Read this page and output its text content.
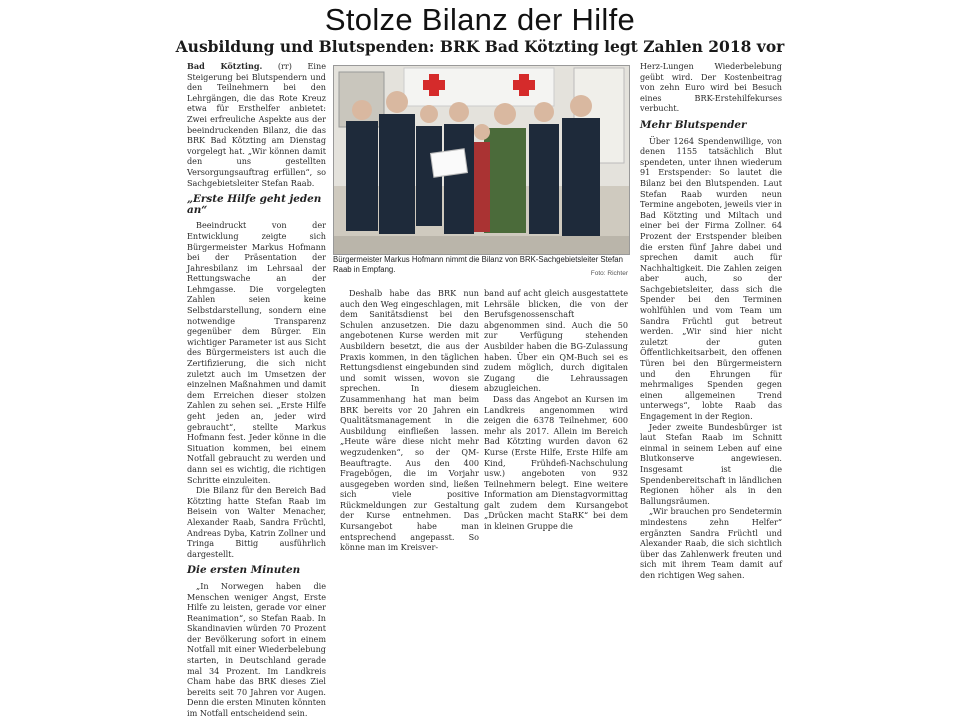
Stolze Bilanz der Hilfe
Ausbildung und Blutspenden: BRK Bad Kötzting legt Zahlen 2018 vor

Bad Kötzting. (rr) Eine Steigerung bei Blutspendern und den Teilnehmern bei den Lehrgängen, die das Rote Kreuz etwa für Ersthelfer anbietet: Zwei erfreuliche Aspekte aus der beeindruckenden Bilanz, die das BRK Bad Kötzting am Dienstag vorgelegt hat. „Wir können damit den uns gestellten Versorgungsauftrag erfüllen“, so Sachgebietsleiter Stefan Raab.

„Erste Hilfe geht jeden an“

Beeindruckt von der Entwicklung zeigte sich Bürgermeister Markus Hofmann bei der Präsentation der Jahresbilanz im Lehrsaal der Rettungswache an der Lehmgasse. Die vorgelegten Zahlen seien keine Selbstdarstellung, sondern eine notwendige Transparenz gegenüber dem Bürger. Ein wichtiger Parameter ist aus Sicht des Bürgermeisters ist auch die Zertifizierung, die sich nicht zuletzt auch im Umsetzen der einzelnen Maßnahmen und damit dem Erreichen dieser stolzen Zahlen zu sehen sei. „Erste Hilfe geht jeden an, jeder wird gebraucht“, stellte Markus Hofmann fest. Jeder könne in die Situation kommen, bei einem Notfall gebraucht zu werden und dann sei es wichtig, die richtigen Schritte einzuleiten.

Die Bilanz für den Bereich Bad Kötzting hatte Stefan Raab im Beisein von Walter Menacher, Alexander Raab, Sandra Früchtl, Andreas Dyba, Katrin Zollner und Tringa Bittig ausführlich dargestellt.

Die ersten Minuten

„In Norwegen haben die Menschen weniger Angst, Erste Hilfe zu leisten, gerade vor einer Reanimation“, so Stefan Raab. In Skandinavien würden 70 Prozent der Bevölkerung sofort in einem Notfall mit einer Wiederbelebung starten, in Deutschland gerade mal 34 Prozent. Im Landkreis Cham habe das BRK dieses Ziel bereits seit 70 Jahren vor Augen. Denn die ersten Minuten könnten im Notfall entscheidend sein.

Bürgermeister Markus Hofmann nimmt die Bilanz von BRK-Sachgebietsleiter Stefan Raab in Empfang.	Foto: Richter

Deshalb habe das BRK nun auch den Weg eingeschlagen, mit dem Sanitätsdienst bei den Schulen anzusetzen. Die dazu angebotenen Kurse werden mit Ausbildern besetzt, die aus der Praxis kommen, in den täglichen Rettungsdienst eingebunden sind und somit wissen, wovon sie sprechen. In diesem Zusammenhang hat man beim BRK bereits vor 20 Jahren ein Qualitätsmanagement in die Ausbildung einfließen lassen. „Heute wäre diese nicht mehr wegzudenken“, so der QM-Beauftragte. Aus den 400 Fragebögen, die im Vorjahr ausgegeben worden sind, ließen sich viele positive Rückmeldungen zur Gestaltung der Kurse entnehmen. Das Kursangebot habe man entsprechend angepasst. So könne man im Kreisver-

band auf acht gleich ausgestattete Lehrsäle blicken, die von der Berufsgenossenschaft abgenommen sind. Auch die 50 zur Verfügung stehenden Ausbilder haben die BG-Zulassung haben. Über ein QM-Buch sei es zudem möglich, durch digitalen Zugang die Lehraussagen abzugleichen.

Dass das Angebot an Kursen im Landkreis angenommen wird zeigen die 6378 Teilnehmer, 600 mehr als 2017. Allein im Bereich Bad Kötzting wurden davon 62 Kurse (Erste Hilfe, Erste Hilfe am Kind, Frühdefi-Nachschulung usw.) angeboten von 932 Teilnehmern belegt. Eine weitere Information am Dienstagvormittag galt zudem dem Kursangebot „Drücken macht StaRK“ bei dem in kleinen Gruppe die

Herz-Lungen Wiederbelebung geübt wird. Der Kostenbeitrag von zehn Euro wird bei Besuch eines BRK-Erstehilfekurses verbucht.

Mehr Blutspender

Über 1264 Spendenwillige, von denen 1155 tatsächlich Blut spendeten, unter ihnen wiederum 91 Erstspender: So lautet die Bilanz bei den Blutspenden. Laut Stefan Raab wurden neun Termine angeboten, jeweils vier in Bad Kötzting und Miltach und einer bei der Firma Zollner. 64 Prozent der Erstspender bleiben die ersten fünf Jahre dabei und sprechen damit auch für Nachhaltigkeit. Die Zahlen zeigen aber auch, so der Sachgebietsleiter, dass sich die Spender bei den Terminen wohlfühlen und vom Team um Sandra Früchtl gut betreut werden. „Wir sind hier nicht zuletzt der guten Öffentlichkeitsarbeit, den offenen Türen bei den Bürgermeistern und den Ehrungen für mehrmaliges Spenden gegen einen allgemeinen Trend unterwegs“, lobte Raab das Engagement in der Region.

Jeder zweite Bundesbürger ist laut Stefan Raab im Schnitt einmal in seinem Leben auf eine Blutkonserve angewiesen. Insgesamt ist die Spendenbereitschaft in ländlichen Regionen höher als in den Ballungsräumen.

„Wir brauchen pro Sendetermin mindestens zehn Helfer“ ergänzten Sandra Früchtl und Alexander Raab, die sich sichtlich über das Zahlenwerk freuten und sich mit ihrem Team damit auf den richtigen Weg sahen.
